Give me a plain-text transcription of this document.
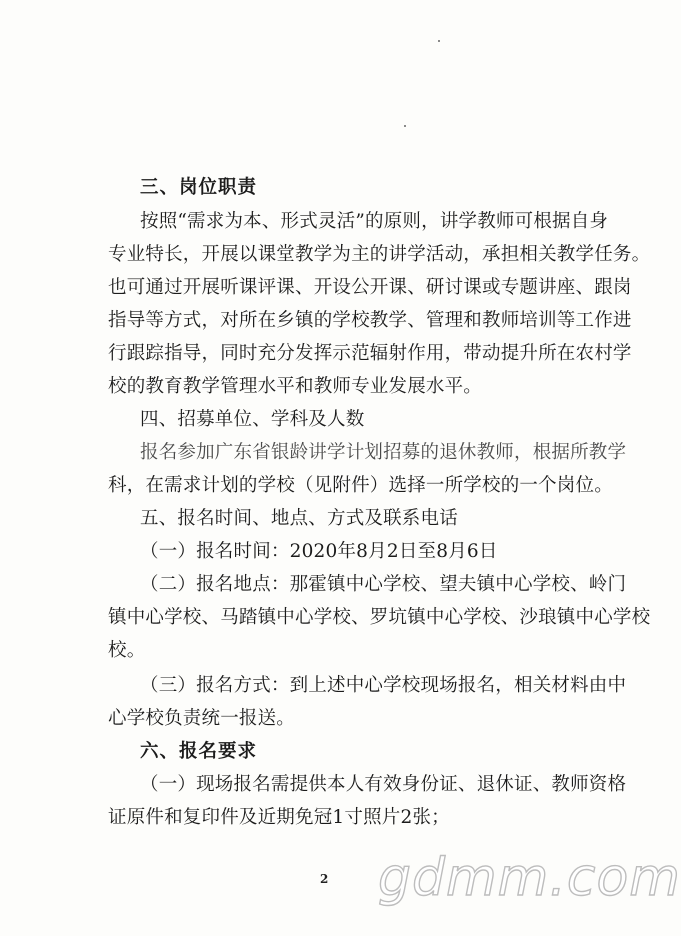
三、岗位职责
按照“需求为本、形式灵活”的原则，讲学教师可根据自身
专业特长，开展以课堂教学为主的讲学活动，承担相关教学任务。
也可通过开展听课评课、开设公开课、研讨课或专题讲座、跟岗
指导等方式，对所在乡镇的学校教学、管理和教师培训等工作进
行跟踪指导，同时充分发挥示范辐射作用，带动提升所在农村学
校的教育教学管理水平和教师专业发展水平。
四、招募单位、学科及人数
报名参加广东省银龄讲学计划招募的退休教师，根据所教学
科，在需求计划的学校（见附件）选择一所学校的一个岗位。
五、报名时间、地点、方式及联系电话
（一）报名时间：2020年8月2日至8月6日
（二）报名地点：那霍镇中心学校、望夫镇中心学校、岭门
镇中心学校、马踏镇中心学校、罗坑镇中心学校、沙琅镇中心学校
校。
（三）报名方式：到上述中心学校现场报名，相关材料由中
心学校负责统一报送。
六、报名要求
（一）现场报名需提供本人有效身份证、退休证、教师资格
证原件和复印件及近期免冠1寸照片2张；
2 gdmm.com
